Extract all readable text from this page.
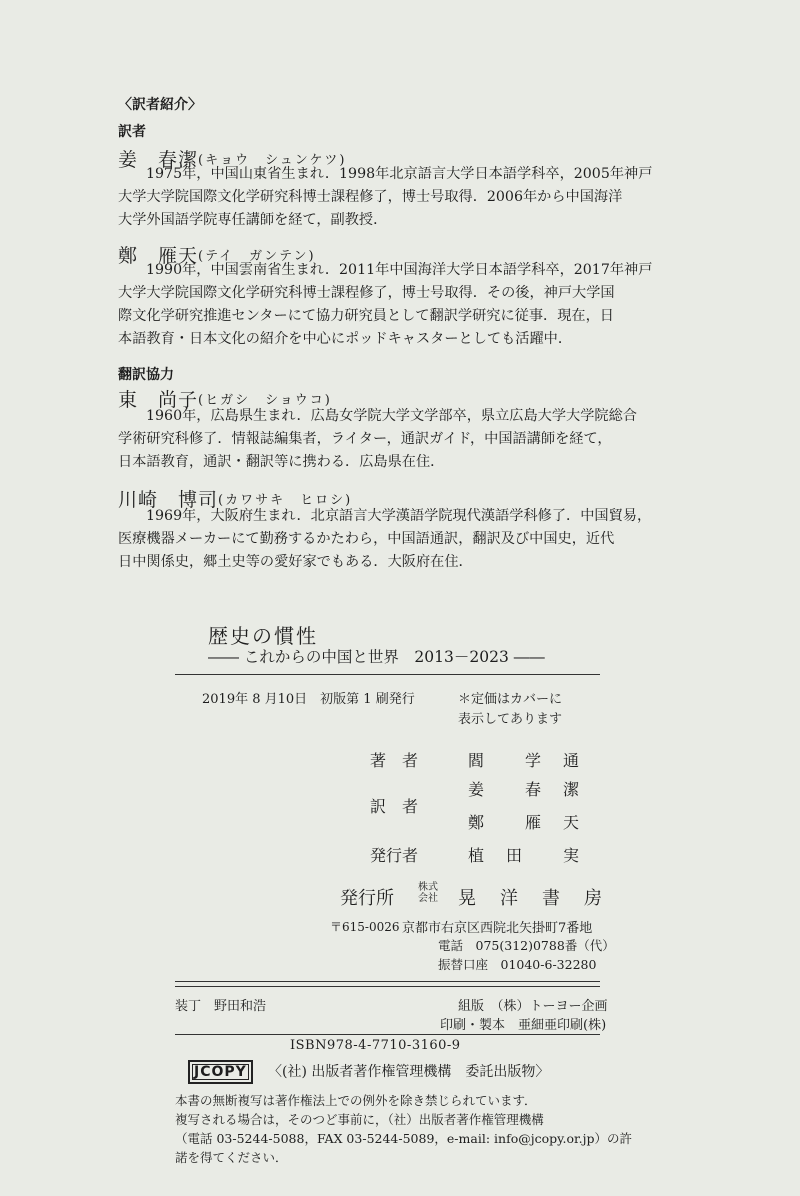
〈訳者紹介〉
訳者
姜　春潔 (キョウ　シュンケツ)
1975年，中国山東省生まれ．1998年北京語言大学日本語学科卒，2005年神戸
大学大学院国際文化学研究科博士課程修了，博士号取得．2006年から中国海洋
大学外国語学院専任講師を経て，副教授．
鄭　雁天 (テイ　ガンテン)
1990年，中国雲南省生まれ．2011年中国海洋大学日本語学科卒，2017年神戸
大学大学院国際文化学研究科博士課程修了，博士号取得．その後，神戸大学国
際文化学研究推進センターにて協力研究員として翻訳学研究に従事．現在，日
本語教育・日本文化の紹介を中心にポッドキャスターとしても活躍中．
翻訳協力
東　尚子 (ヒガシ　ショウコ)
1960年，広島県生まれ．広島女学院大学文学部卒，県立広島大学大学院総合
学術研究科修了．情報誌編集者，ライター，通訳ガイド，中国語講師を経て，
日本語教育，通訳・翻訳等に携わる．広島県在住．
川崎　博司 (カワサキ　ヒロシ)
1969年，大阪府生まれ．北京語言大学漢語学院現代漢語学科修了．中国貿易，
医療機器メーカーにて勤務するかたわら，中国語通訳，翻訳及び中国史，近代
日中関係史，郷土史等の愛好家でもある．大阪府在住．
歴史の慣性
―― これからの中国と世界　2013－2023 ――
2019年 8 月10日　初版第 1 刷発行	＊定価はカバーに
表示してあります
著　者	閻　　学　通
訳　者
姜　　春　潔
鄭　　雁　天
発行者	植　田　　実
発行所
株式
会社 晃　洋　書　房
〒615-0026 京都市右京区西院北矢掛町7番地
電話　075(312)0788番（代）
振替口座　01040-6-32280
装丁　野田和浩	組版　（株）トーヨー企画
印刷・製本　亜細亜印刷(株)
ISBN978-4-7710-3160-9
JCOPY	〈(社) 出版者著作権管理機構　委託出版物〉
本書の無断複写は著作権法上での例外を除き禁じられています．
複写される場合は，そのつど事前に，（社）出版者著作権管理機構
（電話 03-5244-5088，FAX 03-5244-5089，e-mail: info@jcopy.or.jp）の許
諾を得てください．
